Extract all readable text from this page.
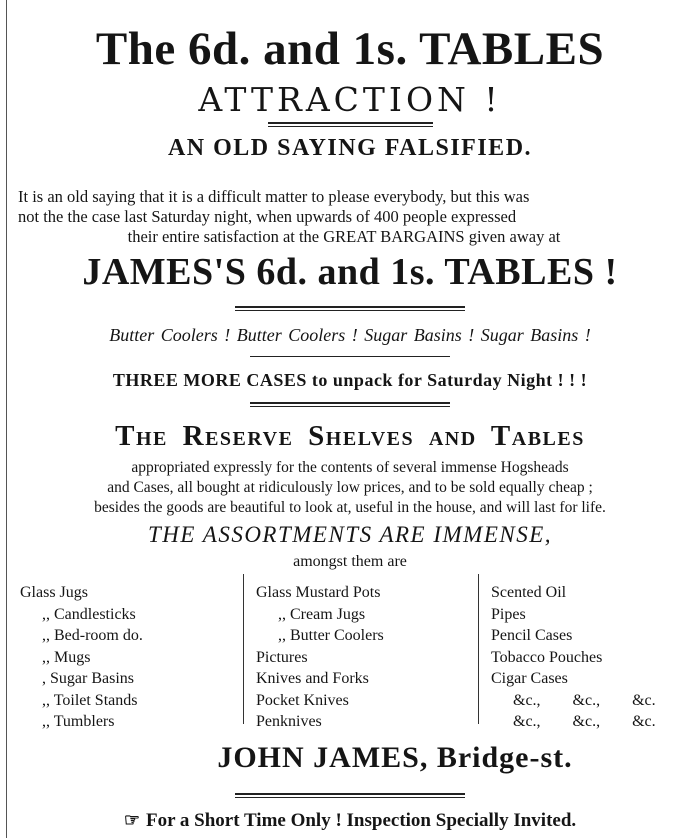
The 6d. and 1s. TABLES
ATTRACTION !
AN OLD SAYING FALSIFIED.

It is an old saying that it is a difficult matter to please everybody, but this was

not the the case last Saturday night, when upwards of 400 people expressed

their entire satisfaction at the GREAT BARGAINS given away at

JAMES'S 6d. and 1s. TABLES !
Butter Coolers ! Butter Coolers ! Sugar Basins ! Sugar Basins !
THREE MORE CASES to unpack for Saturday Night ! ! !
The Reserve Shelves and Tables

appropriated expressly for the contents of several immense Hogsheads

and Cases, all bought at ridiculously low prices, and to be sold equally cheap ;

besides the goods are beautiful to look at, useful in the house, and will last for life.

THE ASSORTMENTS ARE IMMENSE,
amongst them are
Glass Jugs
,, Candlesticks
,, Bed-room do.
,, Mugs
, Sugar Basins
,, Toilet Stands
,, Tumblers
Glass Mustard Pots
,, Cream Jugs
,, Butter Coolers
Pictures
Knives and Forks
Pocket Knives
Penknives
Scented Oil
Pipes
Pencil Cases
Tobacco Pouches
Cigar Cases
&c.,        &c.,        &c.
&c.,        &c.,        &c.
JOHN JAMES, Bridge-st.
☞ For a Short Time Only ! Inspection Specially Invited.
